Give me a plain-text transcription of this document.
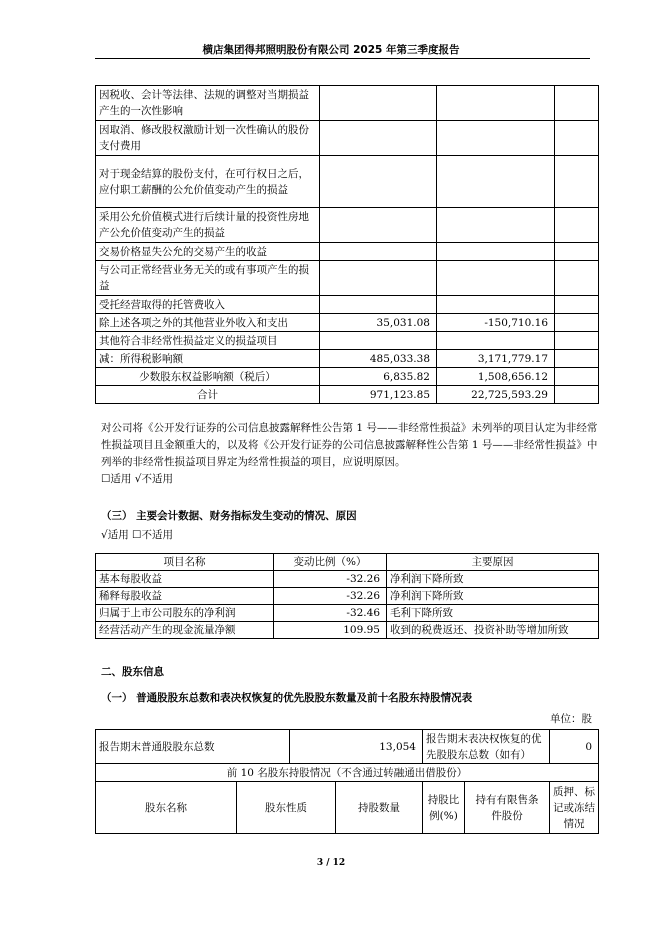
横店集团得邦照明股份有限公司 2025 年第三季度报告
因税收、会计等法律、法规的调整对当期损益产生的一次性影响			
因取消、修改股权激励计划一次性确认的股份支付费用			
对于现金结算的股份支付，在可行权日之后，应付职工薪酬的公允价值变动产生的损益			
采用公允价值模式进行后续计量的投资性房地产公允价值变动产生的损益			
交易价格显失公允的交易产生的收益			
与公司正常经营业务无关的或有事项产生的损益			
受托经营取得的托管费收入			
除上述各项之外的其他营业外收入和支出	35,031.08	-150,710.16	
其他符合非经常性损益定义的损益项目			
减：所得税影响额	485,033.38	3,171,779.17	
少数股东权益影响额（税后）	6,835.82	1,508,656.12	
合计	971,123.85	22,725,593.29	
对公司将《公开发行证券的公司信息披露解释性公告第 1 号——非经常性损益》未列举的项目认定为非经常性损益项目且金额重大的，以及将《公开发行证券的公司信息披露解释性公告第 1 号——非经常性损益》中列举的非经常性损益项目界定为经常性损益的项目，应说明原因。
☐适用 √不适用
（三） 主要会计数据、财务指标发生变动的情况、原因
√适用 ☐不适用
项目名称	变动比例（%）	主要原因
基本每股收益	-32.26	净利润下降所致
稀释每股收益	-32.26	净利润下降所致
归属于上市公司股东的净利润	-32.46	毛利下降所致
经营活动产生的现金流量净额	109.95	收到的税费返还、投资补助等增加所致
二、股东信息
（一） 普通股股东总数和表决权恢复的优先股股东数量及前十名股东持股情况表
单位：股
报告期末普通股股东总数		13,054		报告期末表决权恢复的优先股股东总数（如有）		0
前 10 名股东持股情况（不含通过转融通出借股份）						
股东名称	股东性质		持股数量	持股比例(%)	持有有限售条件股份	质押、标记或冻结情况
3 / 12
